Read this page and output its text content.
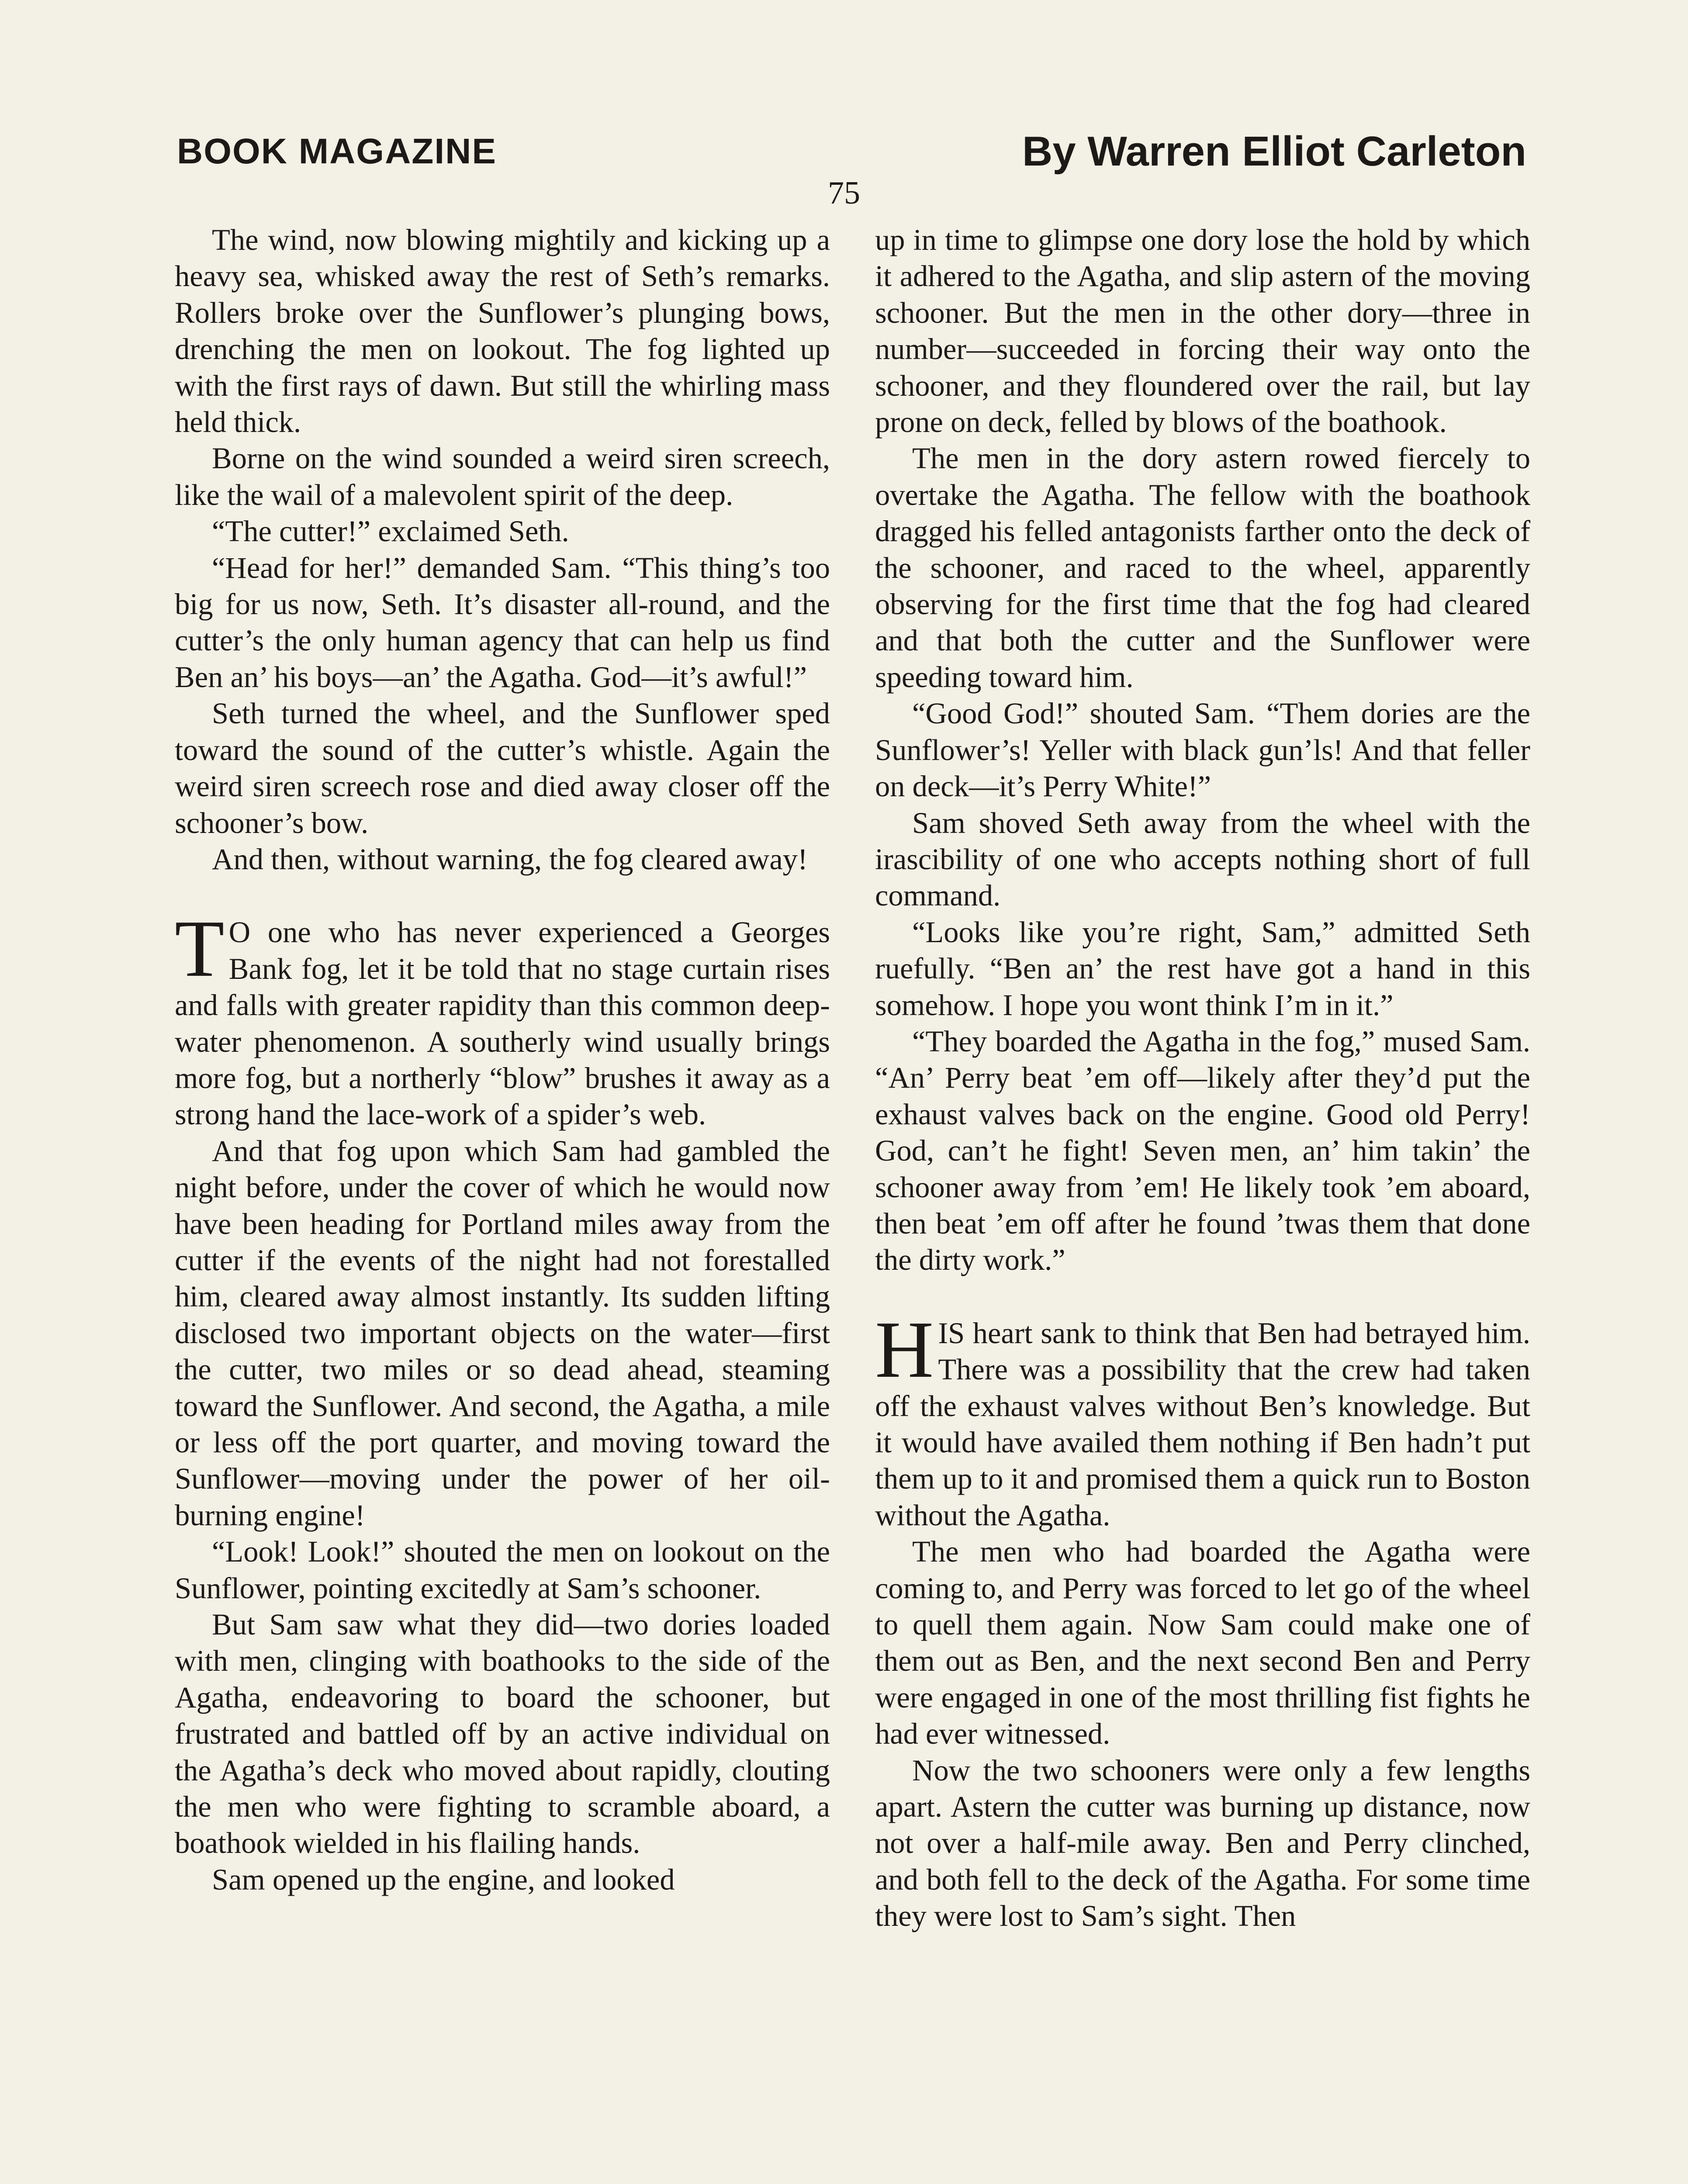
BOOK MAGAZINE	By Warren Elliot Carleton
75

The wind, now blowing mightily and kicking up a heavy sea, whisked away the rest of Seth’s remarks. Rollers broke over the Sunflower’s plunging bows, drenching the men on lookout. The fog lighted up with the first rays of dawn. But still the whirling mass held thick.

Borne on the wind sounded a weird siren screech, like the wail of a malevolent spirit of the deep.

“The cutter!” exclaimed Seth.

“Head for her!” demanded Sam. “This thing’s too big for us now, Seth. It’s disaster all-round, and the cutter’s the only human agency that can help us find Ben an’ his boys—an’ the Agatha. God—it’s awful!”

Seth turned the wheel, and the Sunflower sped toward the sound of the cutter’s whistle. Again the weird siren screech rose and died away closer off the schooner’s bow.

And then, without warning, the fog cleared away!

T O one who has never experienced a Georges Bank fog, let it be told that no stage curtain rises and falls with greater rapidity than this common deep-water phenomenon. A southerly wind usually brings more fog, but a northerly “blow” brushes it away as a strong hand the lace-work of a spider’s web.

And that fog upon which Sam had gambled the night before, under the cover of which he would now have been heading for Portland miles away from the cutter if the events of the night had not forestalled him, cleared away almost instantly. Its sudden lifting disclosed two important objects on the water—first the cutter, two miles or so dead ahead, steaming toward the Sunflower. And second, the Agatha, a mile or less off the port quarter, and moving toward the Sunflower—moving under the power of her oil-burning engine!

“Look! Look!” shouted the men on lookout on the Sunflower, pointing excitedly at Sam’s schooner.

But Sam saw what they did—two dories loaded with men, clinging with boathooks to the side of the Agatha, endeavoring to board the schooner, but frustrated and battled off by an active individual on the Agatha’s deck who moved about rapidly, clouting the men who were fighting to scramble aboard, a boathook wielded in his flailing hands.

Sam opened up the engine, and looked

up in time to glimpse one dory lose the hold by which it adhered to the Agatha, and slip astern of the moving schooner. But the men in the other dory—three in number—succeeded in forcing their way onto the schooner, and they floundered over the rail, but lay prone on deck, felled by blows of the boathook.

The men in the dory astern rowed fiercely to overtake the Agatha. The fellow with the boathook dragged his felled antagonists farther onto the deck of the schooner, and raced to the wheel, apparently observing for the first time that the fog had cleared and that both the cutter and the Sunflower were speeding toward him.

“Good God!” shouted Sam. “Them dories are the Sunflower’s! Yeller with black gun’ls! And that feller on deck—it’s Perry White!”

Sam shoved Seth away from the wheel with the irascibility of one who accepts nothing short of full command.

“Looks like you’re right, Sam,” admitted Seth ruefully. “Ben an’ the rest have got a hand in this somehow. I hope you wont think I’m in it.”

“They boarded the Agatha in the fog,” mused Sam. “An’ Perry beat ’em off—likely after they’d put the exhaust valves back on the engine. Good old Perry! God, can’t he fight! Seven men, an’ him takin’ the schooner away from ’em! He likely took ’em aboard, then beat ’em off after he found ’twas them that done the dirty work.”

HIS heart sank to think that Ben had betrayed him. There was a possibility that the crew had taken off the exhaust valves without Ben’s knowledge. But it would have availed them nothing if Ben hadn’t put them up to it and promised them a quick run to Boston without the Agatha.

The men who had boarded the Agatha were coming to, and Perry was forced to let go of the wheel to quell them again. Now Sam could make one of them out as Ben, and the next second Ben and Perry were engaged in one of the most thrilling fist fights he had ever witnessed.

Now the two schooners were only a few lengths apart. Astern the cutter was burning up distance, now not over a half-mile away. Ben and Perry clinched, and both fell to the deck of the Agatha. For some time they were lost to Sam’s sight. Then
